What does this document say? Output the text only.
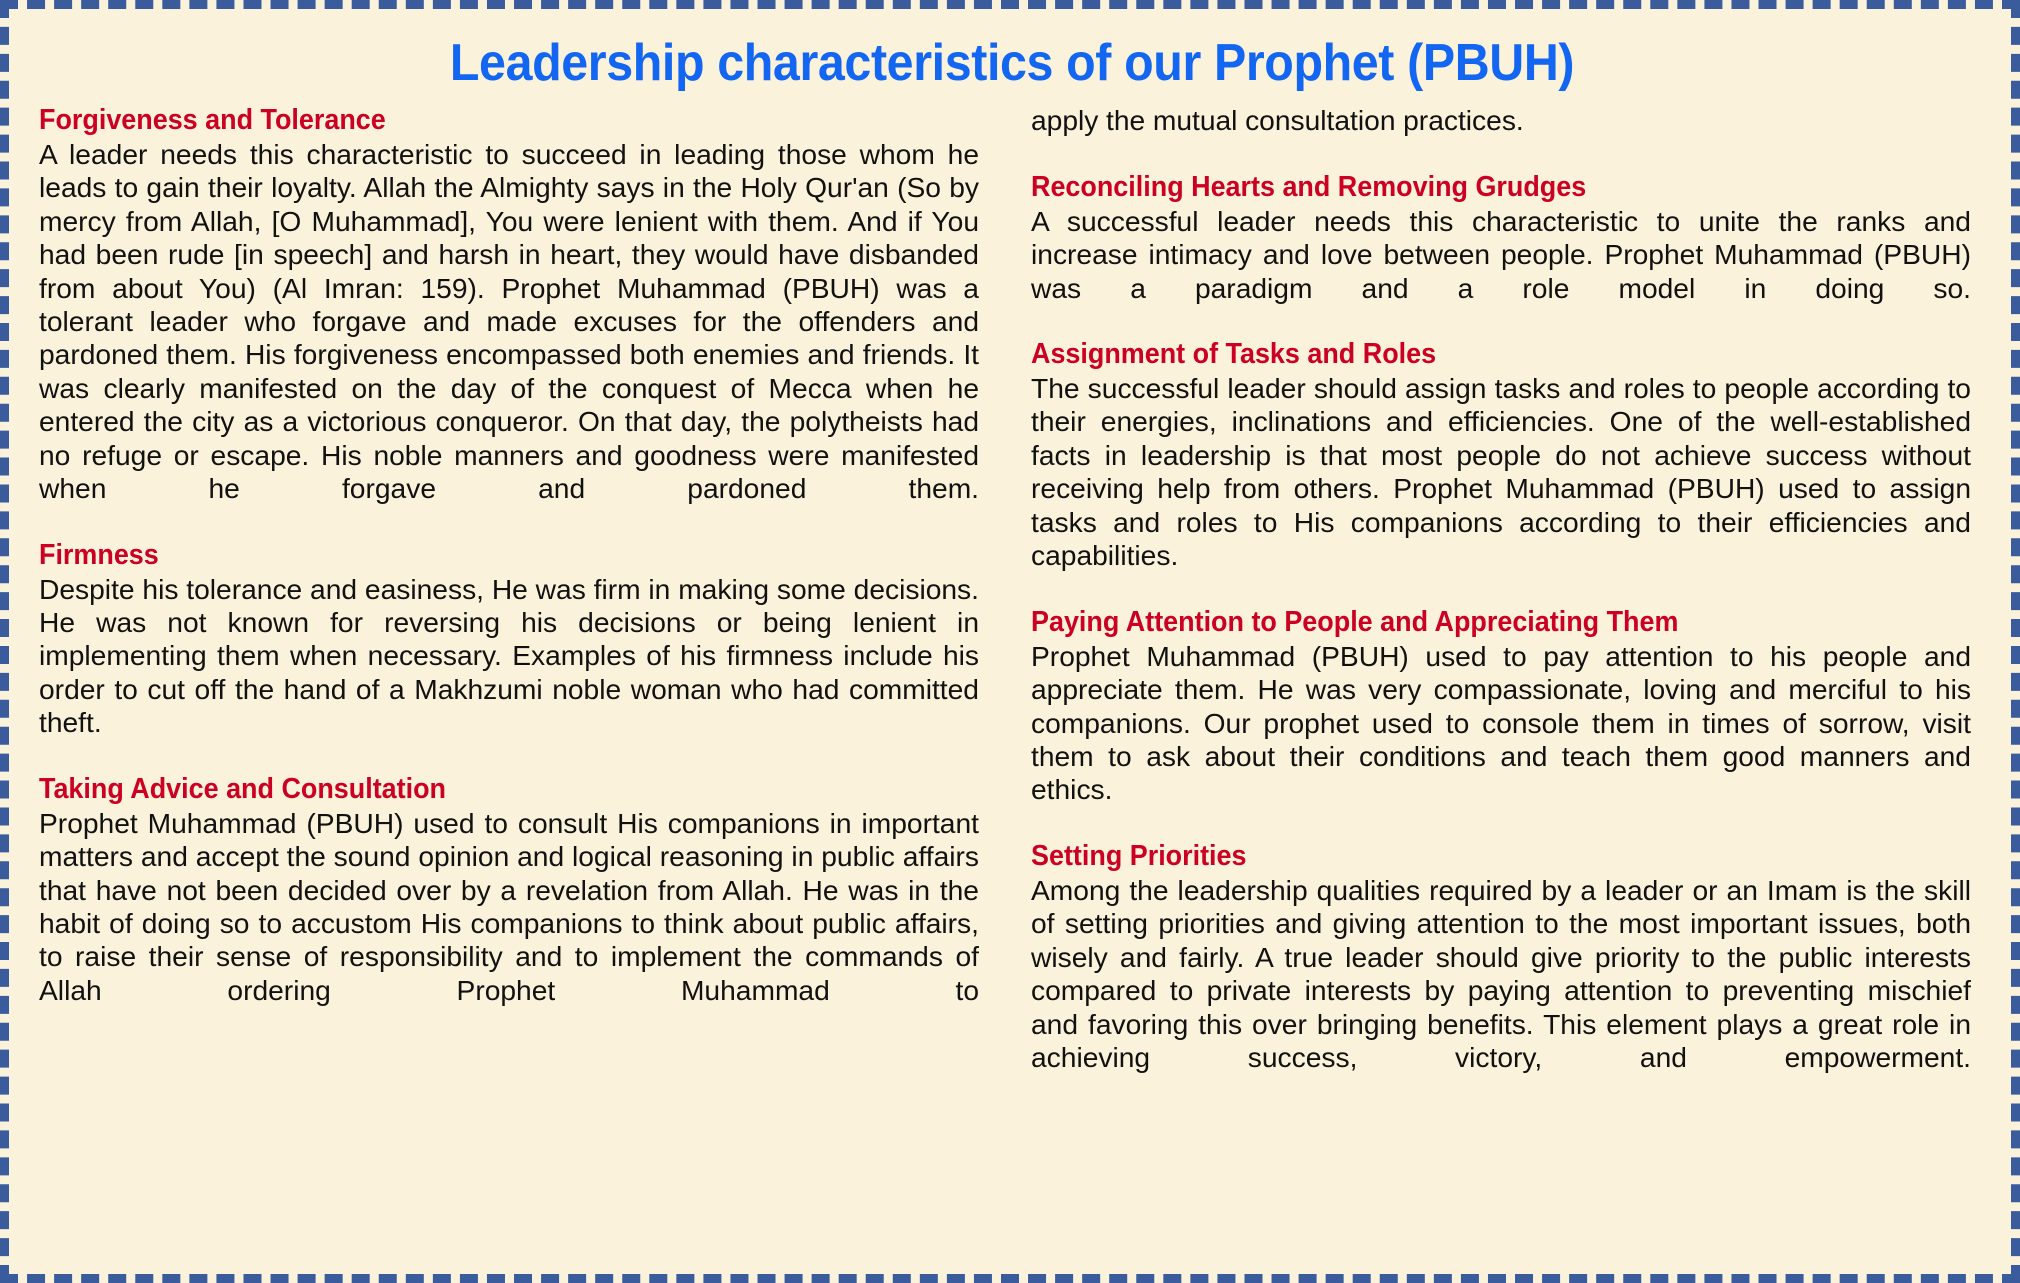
Leadership characteristics of our Prophet (PBUH)
Forgiveness and Tolerance
A leader needs this characteristic to succeed in leading those whom he leads to gain their loyalty. Allah the Almighty says in the Holy Qur'an (So by mercy from Allah, [O Muhammad], You were lenient with them. And if You had been rude [in speech] and harsh in heart, they would have disbanded from about You) (Al Imran: 159). Prophet Muhammad (PBUH) was a tolerant leader who forgave and made excuses for the offenders and pardoned them. His forgiveness encompassed both enemies and friends. It was clearly manifested on the day of the conquest of Mecca when he entered the city as a victorious conqueror. On that day, the polytheists had no refuge or escape. His noble manners and goodness were manifested when he forgave and pardoned them.
Firmness
Despite his tolerance and easiness, He was firm in making some decisions. He was not known for reversing his decisions or being lenient in implementing them when necessary. Examples of his firmness include his order to cut off the hand of a Makhzumi noble woman who had committed theft.
Taking Advice and Consultation
Prophet Muhammad (PBUH) used to consult His companions in important matters and accept the sound opinion and logical reasoning in public affairs that have not been decided over by a revelation from Allah. He was in the habit of doing so to accustom His companions to think about public affairs, to raise their sense of responsibility and to implement the commands of Allah ordering Prophet Muhammad to
apply the mutual consultation practices.
Reconciling Hearts and Removing Grudges
A successful leader needs this characteristic to unite the ranks and increase intimacy and love between people. Prophet Muhammad (PBUH) was a paradigm and a role model in doing so.
Assignment of Tasks and Roles
The successful leader should assign tasks and roles to people according to their energies, inclinations and efficiencies. One of the well-established facts in leadership is that most people do not achieve success without receiving help from others. Prophet Muhammad (PBUH) used to assign tasks and roles to His companions according to their efficiencies and capabilities.
Paying Attention to People and Appreciating Them
Prophet Muhammad (PBUH) used to pay attention to his people and appreciate them. He was very compassionate, loving and merciful to his companions. Our prophet used to console them in times of sorrow, visit them to ask about their conditions and teach them good manners and ethics.
Setting Priorities
Among the leadership qualities required by a leader or an Imam is the skill of setting priorities and giving attention to the most important issues, both wisely and fairly. A true leader should give priority to the public interests compared to private interests by paying attention to preventing mischief and favoring this over bringing benefits. This element plays a great role in achieving success, victory, and empowerment.
